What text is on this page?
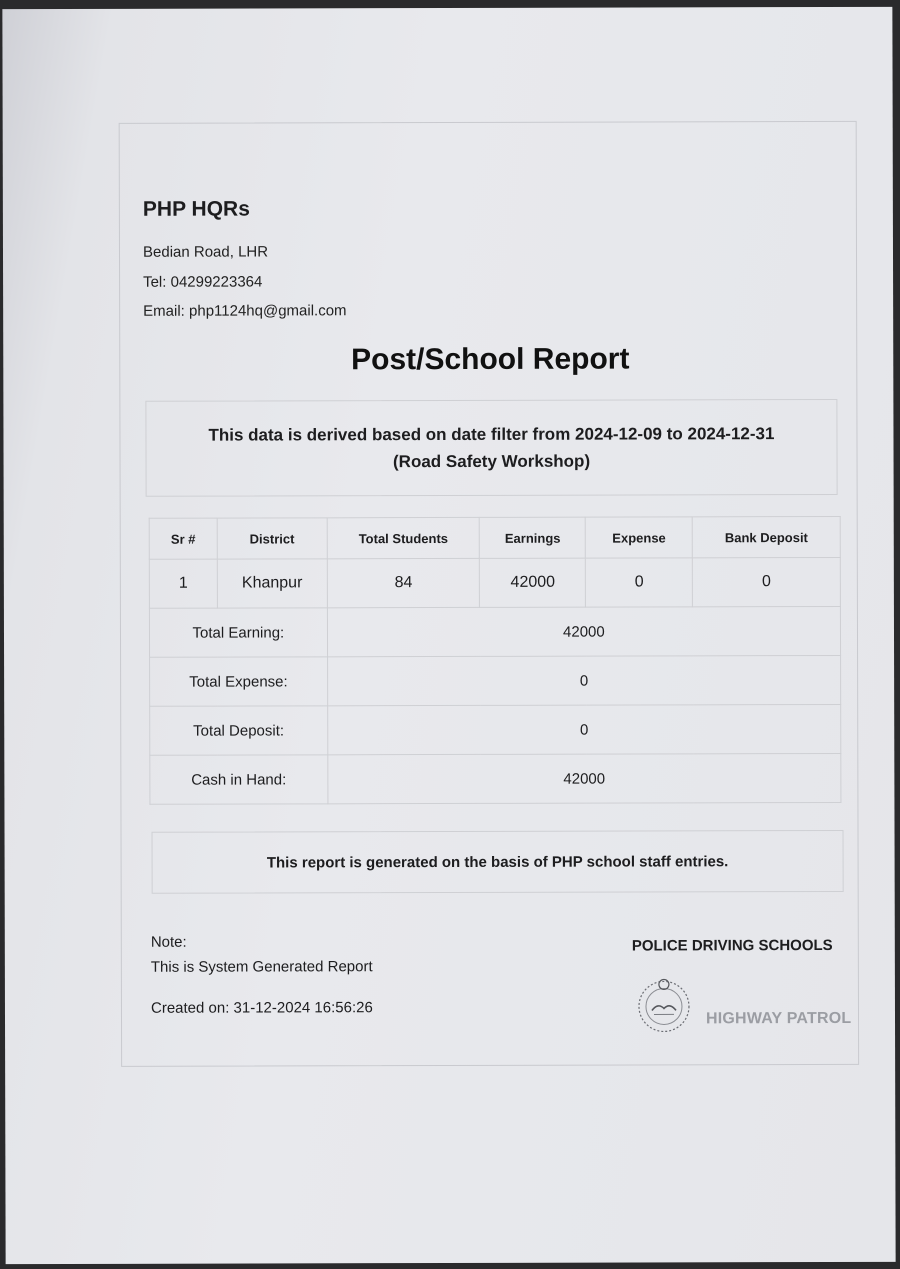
PHP HQRs
Bedian Road, LHR
Tel: 04299223364
Email: php1124hq@gmail.com
Post/School Report
This data is derived based on date filter from 2024-12-09 to 2024-12-31
(Road Safety Workshop)
Sr #	District	Total Students	Earnings	Expense	Bank Deposit
1	Khanpur	84	42000	0	0
Total Earning:		42000			
Total Expense:		0			
Total Deposit:		0			
Cash in Hand:		42000			
This report is generated on the basis of PHP school staff entries.
Note:
This is System Generated Report
Created on: 31-12-2024 16:56:26
POLICE DRIVING SCHOOLS
HIGHWAY PATROL
